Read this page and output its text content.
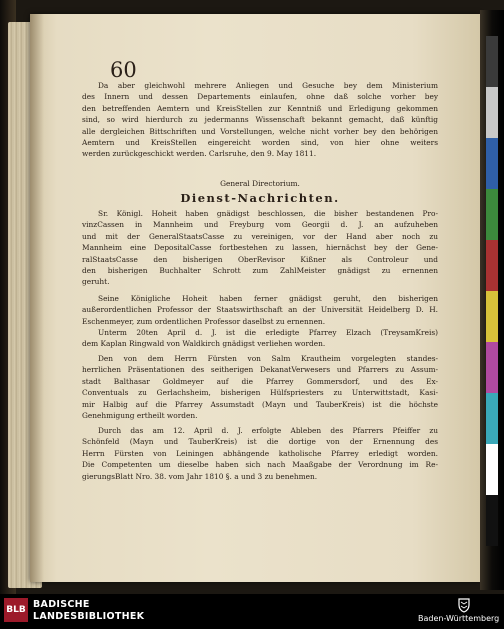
60
Da aber gleichwohl mehrere Anliegen und Gesuche bey dem Ministerium
des Innern und dessen Departements einlaufen, ohne daß solche vorher bey
den betreffenden Aemtern und KreisStellen zur Kenntniß und Erledigung gekommen
sind, so wird hierdurch zu jedermanns Wissenschaft bekannt gemacht, daß künftig
alle dergleichen Bittschriften und Vorstellungen, welche nicht vorher bey den behörigen
Aemtern und KreisStellen eingereicht worden sind, von hier ohne weiters
werden zurückgeschickt werden. Carlsruhe, den 9. May 1811.
General Directorium.
Dienst-Nachrichten.
Sr. Königl. Hoheit haben gnädigst beschlossen, die bisher bestandenen Pro-
vinzCassen in Mannheim und Freyburg vom Georgii d. J. an aufzuheben
und mit der GeneralStaatsCasse zu vereinigen, vor der Hand aber noch zu
Mannheim eine DepositalCasse fortbestehen zu lassen, hiernächst bey der Gene-
ralStaatsCasse den bisherigen OberRevisor Kißner als Controleur und
den bisherigen Buchhalter Schrott zum ZahlMeister gnädigst zu ernennen
geruht.
Seine Königliche Hoheit haben ferner gnädigst geruht, den bisherigen
außerordentlichen Professor der Staatswirthschaft an der Universität Heidelberg D. H.
Eschenmeyer, zum ordentlichen Professor daselbst zu ernennen.
Unterm 20ten April d. J. ist die erledigte Pfarrey Elzach (TreysamKreis)
dem Kaplan Ringwald von Waldkirch gnädigst verliehen worden.
Den von dem Herrn Fürsten von Salm Krautheim vorgelegten standes-
herrlichen Präsentationen des seitherigen DekanatVerwesers und Pfarrers zu Assum-
stadt Balthasar Goldmeyer auf die Pfarrey Gommersdorf, und des Ex-
Conventuals zu Gerlachsheim, bisherigen Hülfspriesters zu Unterwittstadt, Kasi-
mir Halbig auf die Pfarrey Assumstadt (Mayn und TauberKreis) ist die höchste
Genehmigung ertheilt worden.
Durch das am 12. April d. J. erfolgte Ableben des Pfarrers Pfeiffer zu
Schönfeld (Mayn und TauberKreis) ist die dortige von der Ernennung des
Herrn Fürsten von Leiningen abhängende katholische Pfarrey erledigt worden.
Die Competenten um dieselbe haben sich nach Maaßgabe der Verordnung im Re-
gierungsBlatt Nro. 38. vom Jahr 1810 §. a und 3 zu benehmen.
BLB BADISCHE
LANDESBIBLIOTHEK	Baden-Württemberg
